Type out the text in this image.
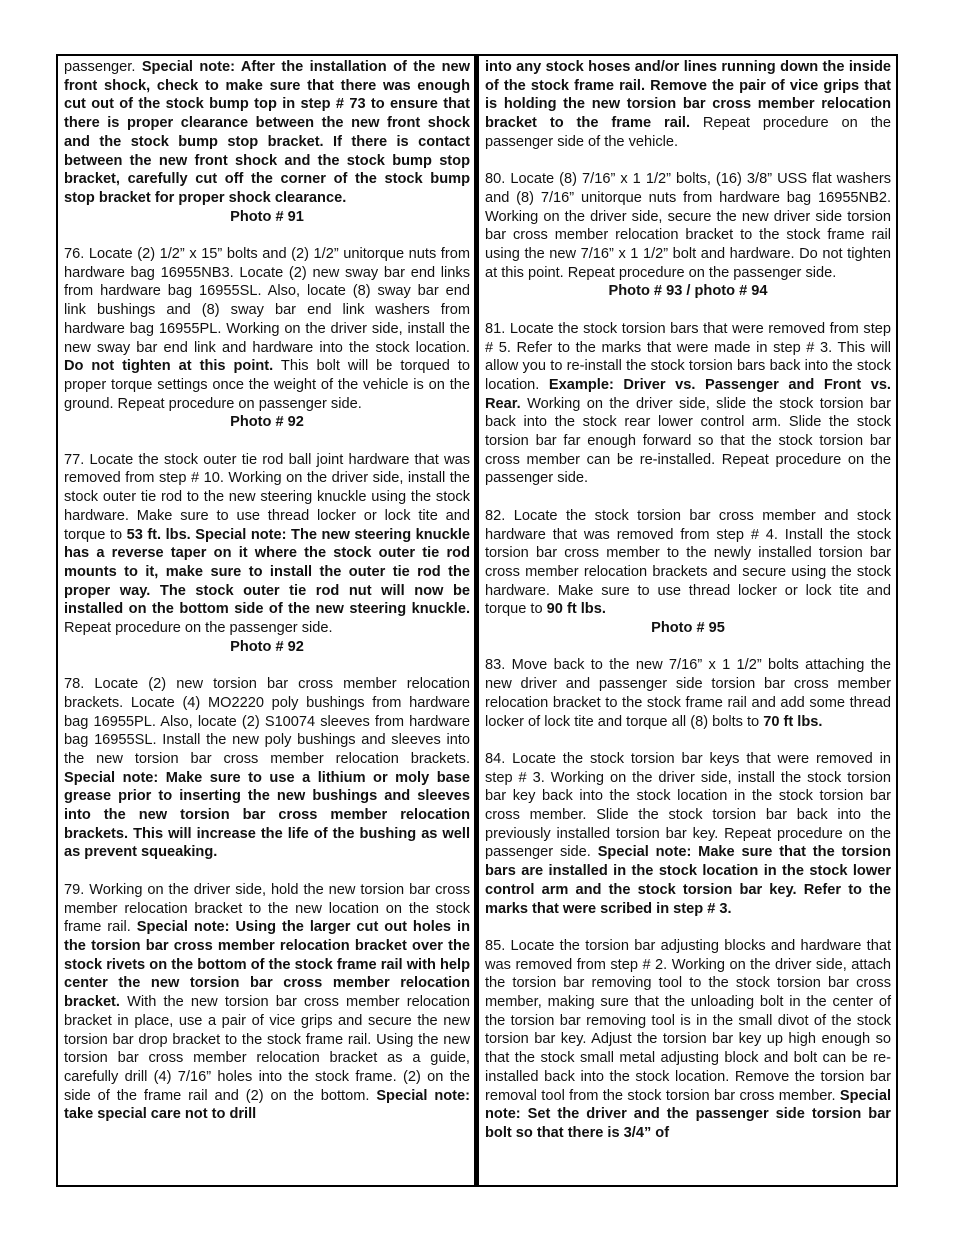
passenger. Special note: After the installation of the new front shock, check to make sure that there was enough cut out of the stock bump top in step # 73 to ensure that there is proper clearance between the new front shock and the stock bump stop bracket. If there is contact between the new front shock and the stock bump stop bracket, carefully cut off the corner of the stock bump stop bracket for proper shock clearance.
Photo # 91

76. Locate (2) 1/2” x 15” bolts and (2) 1/2” unitorque nuts from hardware bag 16955NB3. Locate (2) new sway bar end links from hardware bag 16955SL. Also, locate (8) sway bar end link bushings and (8) sway bar end link washers from hardware bag 16955PL. Working on the driver side, install the new sway bar end link and hardware into the stock location. Do not tighten at this point. This bolt will be torqued to proper torque settings once the weight of the vehicle is on the ground. Repeat procedure on passenger side.
Photo # 92

77. Locate the stock outer tie rod ball joint hardware that was removed from step # 10. Working on the driver side, install the stock outer tie rod to the new steering knuckle using the stock hardware. Make sure to use thread locker or lock tite and torque to 53 ft. lbs. Special note: The new steering knuckle has a reverse taper on it where the stock outer tie rod mounts to it, make sure to install the outer tie rod the proper way. The stock outer tie rod nut will now be installed on the bottom side of the new steering knuckle. Repeat procedure on the passenger side.
Photo # 92

78. Locate (2) new torsion bar cross member relocation brackets. Locate (4) MO2220 poly bushings from hardware bag 16955PL. Also, locate (2) S10074 sleeves from hardware bag 16955SL. Install the new poly bushings and sleeves into the new torsion bar cross member relocation brackets. Special note: Make sure to use a lithium or moly base grease prior to inserting the new bushings and sleeves into the new torsion bar cross member relocation brackets. This will increase the life of the bushing as well as prevent squeaking.

79. Working on the driver side, hold the new torsion bar cross member relocation bracket to the new location on the stock frame rail. Special note: Using the larger cut out holes in the torsion bar cross member relocation bracket over the stock rivets on the bottom of the stock frame rail with help center the new torsion bar cross member relocation bracket. With the new torsion bar cross member relocation bracket in place, use a pair of vice grips and secure the new torsion bar drop bracket to the stock frame rail. Using the new torsion bar cross member relocation bracket as a guide, carefully drill (4) 7/16” holes into the stock frame. (2) on the side of the frame rail and (2) on the bottom. Special note: take special care not to drill

into any stock hoses and/or lines running down the inside of the stock frame rail. Remove the pair of vice grips that is holding the new torsion bar cross member relocation bracket to the frame rail. Repeat procedure on the passenger side of the vehicle.

80. Locate (8) 7/16” x 1 1/2” bolts, (16) 3/8” USS flat washers and (8) 7/16” unitorque nuts from hardware bag 16955NB2. Working on the driver side, secure the new driver side torsion bar cross member relocation bracket to the stock frame rail using the new 7/16” x 1 1/2” bolt and hardware. Do not tighten at this point. Repeat procedure on the passenger side.
Photo # 93 / photo # 94

81. Locate the stock torsion bars that were removed from step # 5. Refer to the marks that were made in step # 3. This will allow you to re-install the stock torsion bars back into the stock location. Example: Driver vs. Passenger and Front vs. Rear. Working on the driver side, slide the stock torsion bar back into the stock rear lower control arm. Slide the stock torsion bar far enough forward so that the stock torsion bar cross member can be re-installed. Repeat procedure on the passenger side.

82. Locate the stock torsion bar cross member and stock hardware that was removed from step # 4. Install the stock torsion bar cross member to the newly installed torsion bar cross member relocation brackets and secure using the stock hardware. Make sure to use thread locker or lock tite and torque to 90 ft lbs.
Photo # 95

83. Move back to the new 7/16” x 1 1/2” bolts attaching the new driver and passenger side torsion bar cross member relocation bracket to the stock frame rail and add some thread locker of lock tite and torque all (8) bolts to 70 ft lbs.

84. Locate the stock torsion bar keys that were removed in step # 3. Working on the driver side, install the stock torsion bar key back into the stock location in the stock torsion bar cross member. Slide the stock torsion bar back into the previously installed torsion bar key. Repeat procedure on the passenger side. Special note: Make sure that the torsion bars are installed in the stock location in the stock lower control arm and the stock torsion bar key. Refer to the marks that were scribed in step # 3.

85. Locate the torsion bar adjusting blocks and hardware that was removed from step # 2. Working on the driver side, attach the torsion bar removing tool to the stock torsion bar cross member, making sure that the unloading bolt in the center of the torsion bar removing tool is in the small divot of the stock torsion bar key. Adjust the torsion bar key up high enough so that the stock small metal adjusting block and bolt can be re-installed back into the stock location. Remove the torsion bar removal tool from the stock torsion bar cross member. Special note: Set the driver and the passenger side torsion bar bolt so that there is 3/4” of
